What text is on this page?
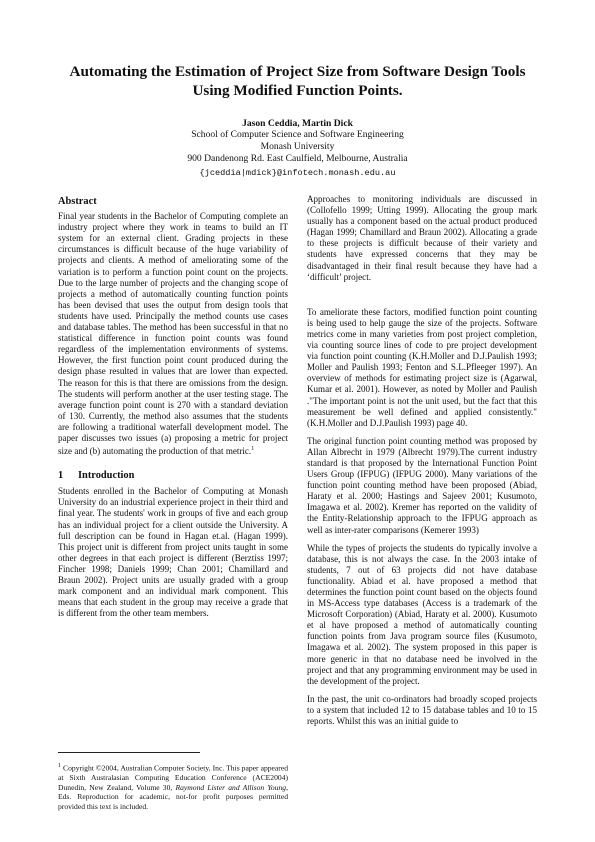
Automating the Estimation of Project Size from Software Design Tools Using Modified Function Points.
Jason Ceddia, Martin Dick
School of Computer Science and Software Engineering
Monash University
900 Dandenong Rd. East Caulfield, Melbourne, Australia
{jceddia|mdick}@infotech.monash.edu.au

Abstract

Final year students in the Bachelor of Computing complete an industry project where they work in teams to build an IT system for an external client. Grading projects in these circumstances is difficult because of the huge variability of projects and clients. A method of ameliorating some of the variation is to perform a function point count on the projects. Due to the large number of projects and the changing scope of projects a method of automatically counting function points has been devised that uses the output from design tools that students have used. Principally the method counts use cases and database tables. The method has been successful in that no statistical difference in function point counts was found regardless of the implementation environments of systems. However, the first function point count produced during the design phase resulted in values that are lower than expected. The reason for this is that there are omissions from the design. The students will perform another at the user testing stage. The average function point count is 270 with a standard deviation of 130. Currently, the method also assumes that the students are following a traditional waterfall development model. The paper discusses two issues (a) proposing a metric for project size and (b) automating the production of that metric.$^1$

1 Introduction

Students enrolled in the Bachelor of Computing at Monash University do an industrial experience project in their third and final year. The students' work in groups of five and each group has an individual project for a client outside the University. A full description can be found in Hagan et.al. (Hagan 1999). This project unit is different from project units taught in some other degrees in that each project is different (Berztiss 1997; Fincher 1998; Daniels 1999; Chan 2001; Chamillard and Braun 2002). Project units are usually graded with a group mark component and an individual mark component. This means that each student in the group may receive a grade that is different from the other team members.

$^1$ Copyright ©2004, Australian Computer Society, Inc. This paper appeared at Sixth Australasian Computing Education Conference (ACE2004) Dunedin, New Zealand, Volume 30, Raymond Lister and Allison Young, Eds. Reproduction for academic, not-for profit purposes permitted provided this text is included.

Approaches to monitoring individuals are discussed in (Collofello 1999; Utting 1999). Allocating the group mark usually has a component based on the actual product produced (Hagan 1999; Chamillard and Braun 2002). Allocating a grade to these projects is difficult because of their variety and students have expressed concerns that they may be disadvantaged in their final result because they have had a ‘difficult’ project.

To ameliorate these factors, modified function point counting is being used to help gauge the size of the projects. Software metrics come in many varieties from post project completion, via counting source lines of code to pre project development via function point counting (K.H.Moller and D.J.Paulish 1993; Moller and Paulish 1993; Fenton and S.L.Pfleeger 1997). An overview of methods for estimating project size is (Agarwal, Kumar et al. 2001). However, as noted by Moller and Paulish ."The important point is not the unit used, but the fact that this measurement be well defined and applied consistently." (K.H.Moller and D.J.Paulish 1993) page 40.

The original function point counting method was proposed by Allan Albrecht in 1979 (Albrecht 1979).The current industry standard is that proposed by the International Function Point Users Group (IFPUG) (IFPUG 2000). Many variations of the function point counting method have been proposed (Abiad, Haraty et al. 2000; Hastings and Sajeev 2001; Kusumoto, Imagawa et al. 2002). Kremer has reported on the validity of the Entity-Relationship approach to the IFPUG approach as well as inter-rater comparisons (Kemerer 1993)

While the types of projects the students do typically involve a database, this is not always the case. In the 2003 intake of students, 7 out of 63 projects did not have database functionality. Abiad et al. have proposed a method that determines the function point count based on the objects found in MS-Access type databases (Access is a trademark of the Microsoft Corporation) (Abiad, Haraty et al. 2000). Kusumoto et al have proposed a method of automatically counting function points from Java program source files (Kusumoto, Imagawa et al. 2002). The system proposed in this paper is more generic in that no database need be involved in the project and that any programming environment may be used in the development of the project.

In the past, the unit co-ordinators had broadly scoped projects to a system that included 12 to 15 database tables and 10 to 15 reports. Whilst this was an initial guide to
